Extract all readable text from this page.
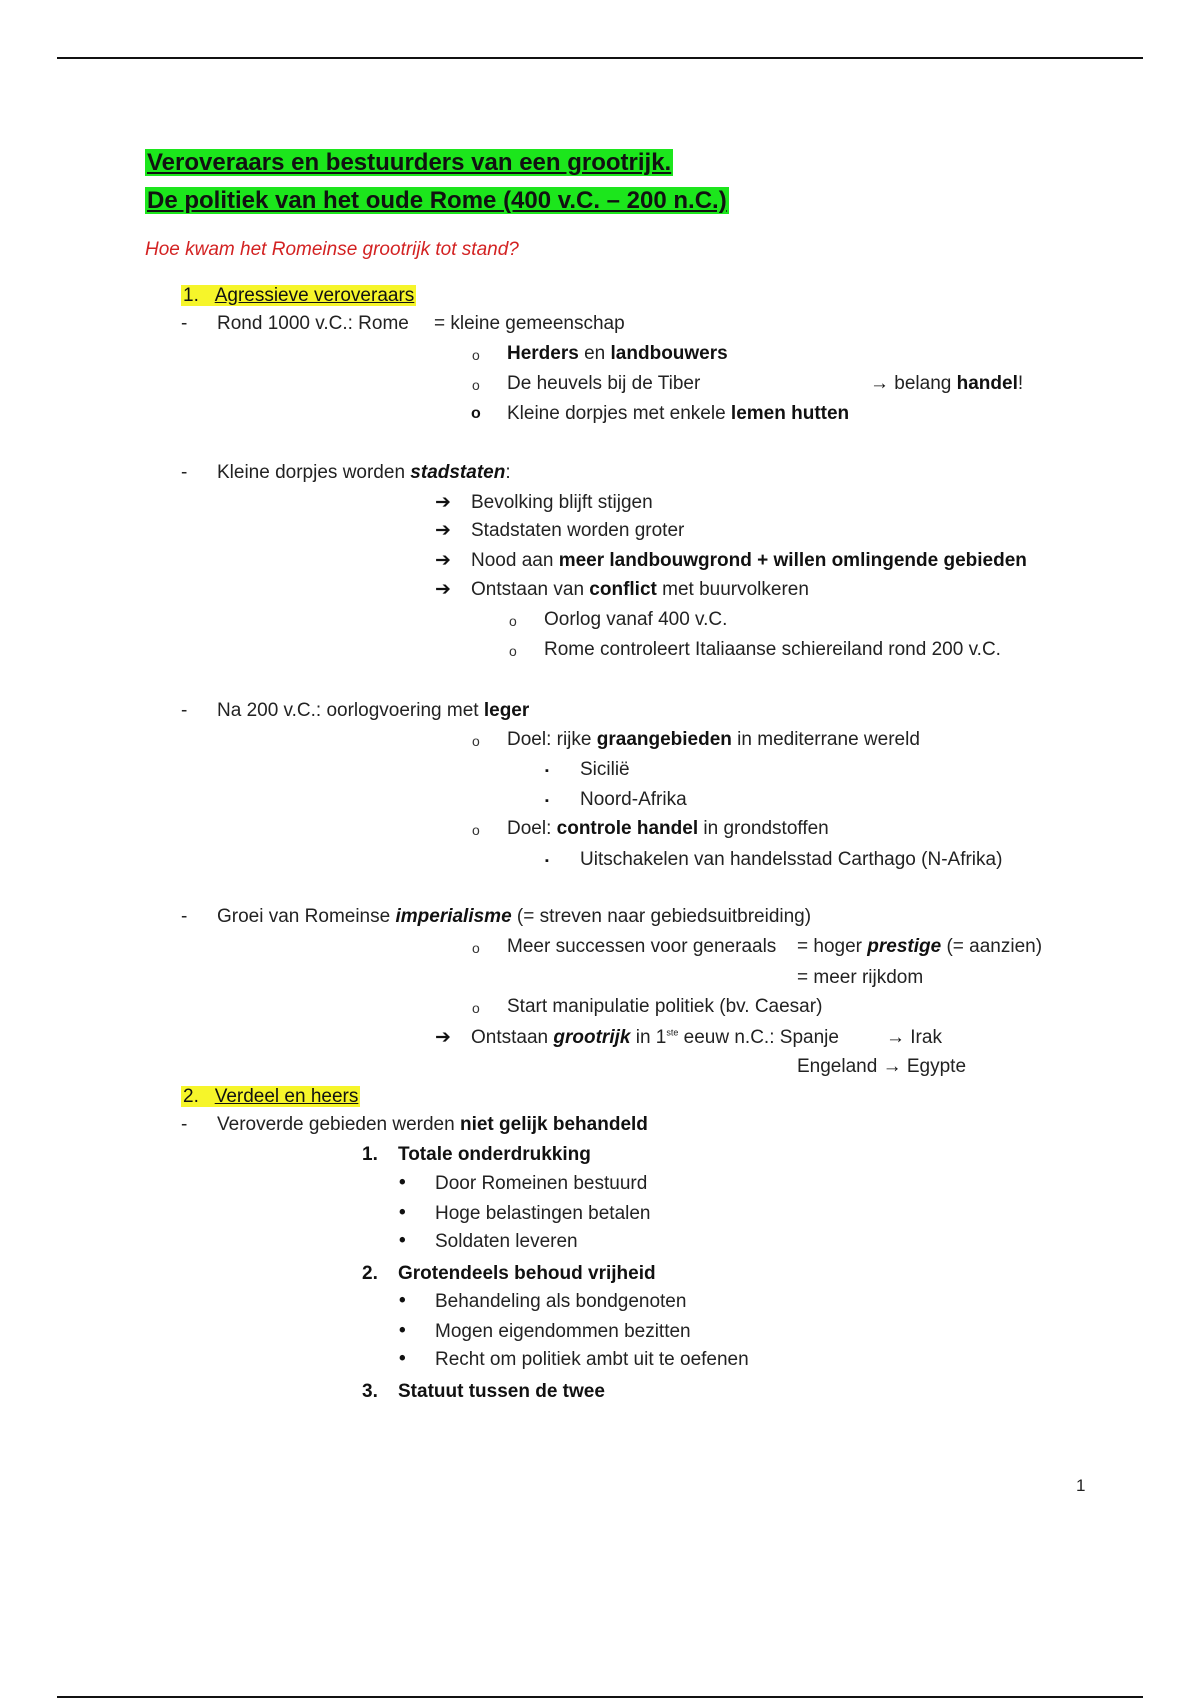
Veroveraars en bestuurders van een grootrijk.
De politiek van het oude Rome (400 v.C. – 200 n.C.)
Hoe kwam het Romeinse grootrijk tot stand?
1. Agressieve veroveraars
- Rond 1000 v.C.: Rome = kleine gemeenschap
o Herders en landbouwers
o De heuvels bij de Tiber	→ belang handel!
o Kleine dorpjes met enkele lemen hutten
- Kleine dorpjes worden stadstaten:
➔ Bevolking blijft stijgen
➔ Stadstaten worden groter
➔ Nood aan meer landbouwgrond + willen omlingende gebieden
➔ Ontstaan van conflict met buurvolkeren
o Oorlog vanaf 400 v.C.
o Rome controleert Italiaanse schiereiland rond 200 v.C.
- Na 200 v.C.: oorlogvoering met leger
o Doel: rijke graangebieden in mediterrane wereld
▪ Sicilië
▪ Noord-Afrika
o Doel: controle handel in grondstoffen
▪ Uitschakelen van handelsstad Carthago (N-Afrika)
- Groei van Romeinse imperialisme (= streven naar gebiedsuitbreiding)
o Meer successen voor generaals = hoger prestige (= aanzien)
= meer rijkdom
o Start manipulatie politiek (bv. Caesar)
➔ Ontstaan grootrijk in 1ste eeuw n.C.: Spanje → Irak
Engeland → Egypte
2. Verdeel en heers
- Veroverde gebieden werden niet gelijk behandeld
1. Totale onderdrukking
• Door Romeinen bestuurd
• Hoge belastingen betalen
• Soldaten leveren
2. Grotendeels behoud vrijheid
• Behandeling als bondgenoten
• Mogen eigendommen bezitten
• Recht om politiek ambt uit te oefenen
3. Statuut tussen de twee
1
